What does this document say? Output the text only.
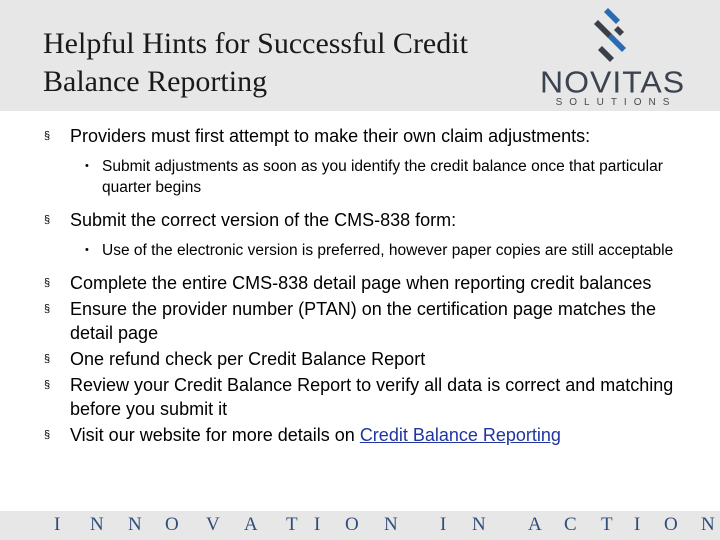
Helpful Hints for Successful Credit
Balance Reporting	NOVITAS
SOLUTIONS
§ Providers must first attempt to make their own claim adjustments:
• Submit adjustments as soon as you identify the credit balance once that particular quarter begins
§ Submit the correct version of the CMS-838 form:
• Use of the electronic version is preferred, however paper copies are still acceptable
§ Complete the entire CMS-838 detail page when reporting credit balances
§ Ensure the provider number (PTAN) on the certification page matches the detail page
§ One refund check per Credit Balance Report
§ Review your Credit Balance Report to verify all data is correct and matching before you submit it
§ Visit our website for more details on Credit Balance Reporting
I N N O V A T I O N I N A C T I O N
